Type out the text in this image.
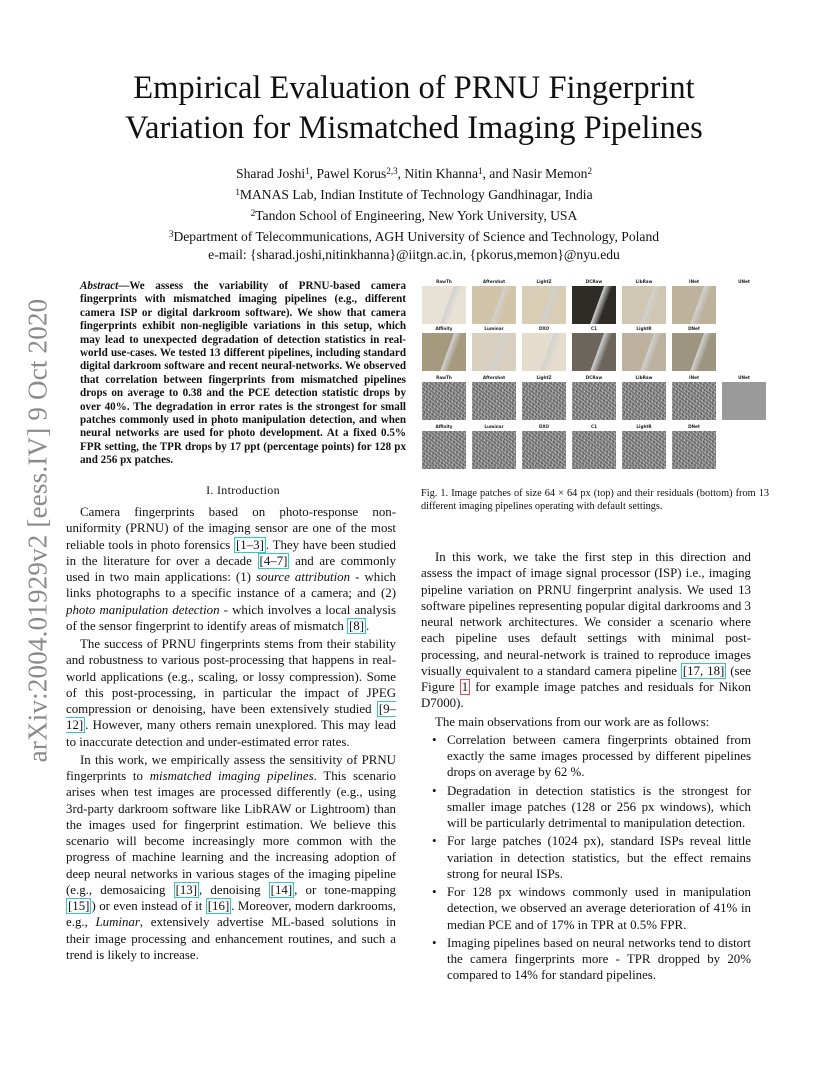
arXiv:2004.01929v2 [eess.IV] 9 Oct 2020
Empirical Evaluation of PRNU Fingerprint
Variation for Mismatched Imaging Pipelines
Sharad Joshi$^1$, Pawel Korus$^{2,3}$, Nitin Khanna$^1$, and Nasir Memon$^2$
$^1$MANAS Lab, Indian Institute of Technology Gandhinagar, India
$^2$Tandon School of Engineering, New York University, USA
$^3$Department of Telecommunications, AGH University of Science and Technology, Poland
e-mail: {sharad.joshi,nitinkhanna}@iitgn.ac.in, {pkorus,memon}@nyu.edu
Abstract—We assess the variability of PRNU-based camera fingerprints with mismatched imaging pipelines (e.g., different camera ISP or digital darkroom software). We show that camera fingerprints exhibit non-negligible variations in this setup, which may lead to unexpected degradation of detection statistics in real-world use-cases. We tested 13 different pipelines, including standard digital darkroom software and recent neural-networks. We observed that correlation between fingerprints from mismatched pipelines drops on average to 0.38 and the PCE detection statistic drops by over 40%. The degradation in error rates is the strongest for small patches commonly used in photo manipulation detection, and when neural networks are used for photo development. At a fixed 0.5% FPR setting, the TPR drops by 17 ppt (percentage points) for 128 px and 256 px patches.
I. Introduction

Camera fingerprints based on photo-response non-uniformity (PRNU) of the imaging sensor are one of the most reliable tools in photo forensics [1–3] . They have been studied in the literature for over a decade [4–7] and are commonly used in two main applications: (1) source attribution - which links photographs to a specific instance of a camera; and (2) photo manipulation detection - which involves a local analysis of the sensor fingerprint to identify areas of mismatch [8] .

The success of PRNU fingerprints stems from their stability and robustness to various post-processing that happens in real-world applications (e.g., scaling, or lossy compression). Some of this post-processing, in particular the impact of JPEG compression or denoising, have been extensively studied [9–12] . However, many others remain unexplored. This may lead to inaccurate detection and under-estimated error rates.

In this work, we empirically assess the sensitivity of PRNU fingerprints to mismatched imaging pipelines. This scenario arises when test images are processed differently (e.g., using 3rd-party darkroom software like LibRAW or Lightroom) than the images used for fingerprint estimation. We believe this scenario will become increasingly more common with the progress of machine learning and the increasing adoption of deep neural networks in various stages of the imaging pipeline (e.g., demosaicing [13] , denoising [14] , or tone-mapping [15] ) or even instead of it [16] . Moreover, modern darkrooms, e.g., Luminar, extensively advertise ML-based solutions in their image processing and enhancement routines, and such a trend is likely to increase.

RawTh	Aftershot	LightZ	DCRaw	LibRaw	INet	UNet
Affinity	Luminar	DXO	C1	LightR	DNet
RawTh	Aftershot	LightZ	DCRaw	LibRaw	INet	UNet
Affinity	Luminar	DXO	C1	LightR	DNet
Fig. 1. Image patches of size 64 × 64 px (top) and their residuals (bottom) from 13 different imaging pipelines operating with default settings.

In this work, we take the first step in this direction and assess the impact of image signal processor (ISP) i.e., imaging pipeline variation on PRNU fingerprint analysis. We used 13 software pipelines representing popular digital darkrooms and 3 neural network architectures. We consider a scenario where each pipeline uses default settings with minimal post-processing, and neural-network is trained to reproduce images visually equivalent to a standard camera pipeline [17, 18] (see Figure 1 for example image patches and residuals for Nikon D7000).

The main observations from our work are as follows:

• Correlation between camera fingerprints obtained from exactly the same images processed by different pipelines drops on average by 62 %.
• Degradation in detection statistics is the strongest for smaller image patches (128 or 256 px windows), which will be particularly detrimental to manipulation detection.
• For large patches (1024 px), standard ISPs reveal little variation in detection statistics, but the effect remains strong for neural ISPs.
• For 128 px windows commonly used in manipulation detection, we observed an average deterioration of 41% in median PCE and of 17% in TPR at 0.5% FPR.
• Imaging pipelines based on neural networks tend to distort the camera fingerprints more - TPR dropped by 20% compared to 14% for standard pipelines.
